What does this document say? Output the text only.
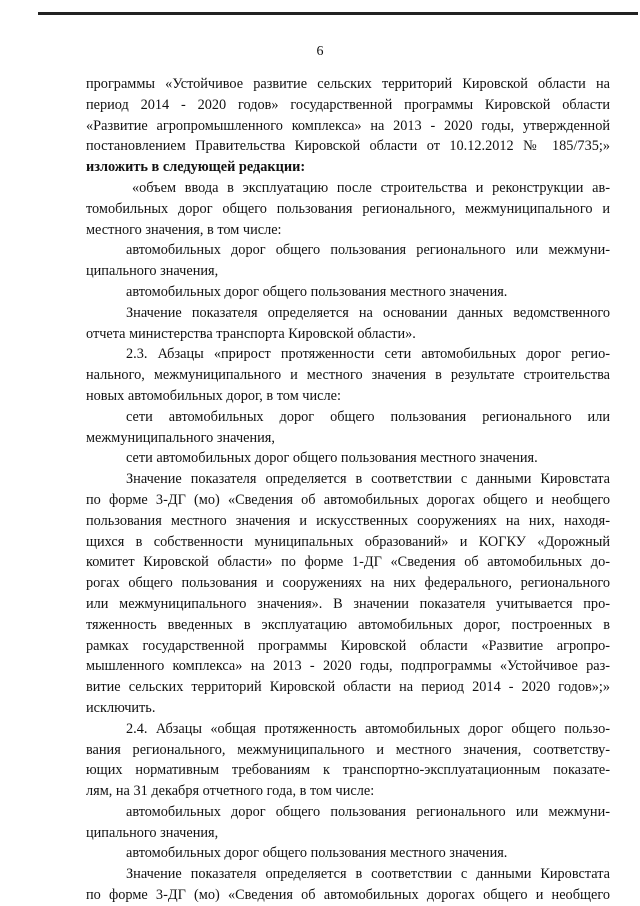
6
программы «Устойчивое развитие сельских территорий Кировской области на
период 2014 - 2020 годов» государственной программы Кировской области
«Развитие агропромышленного комплекса» на 2013 - 2020 годы, утвержденной
постановлением Правительства Кировской области от 10.12.2012 № 185/735;»
изложить в следующей редакции:
«объем ввода в эксплуатацию после строительства и реконструкции ав-
томобильных дорог общего пользования регионального, межмуниципального и
местного значения, в том числе:
автомобильных дорог общего пользования регионального или межмуни-
ципального значения,
автомобильных дорог общего пользования местного значения.
Значение показателя определяется на основании данных ведомственного
отчета министерства транспорта Кировской области».
2.3. Абзацы «прирост протяженности сети автомобильных дорог регио-
нального, межмуниципального и местного значения в результате строительства
новых автомобильных дорог, в том числе:
сети автомобильных дорог общего пользования регионального или
межмуниципального значения,
сети автомобильных дорог общего пользования местного значения.
Значение показателя определяется в соответствии с данными Кировстата
по форме 3-ДГ (мо) «Сведения об автомобильных дорогах общего и необщего
пользования местного значения и искусственных сооружениях на них, находя-
щихся в собственности муниципальных образований» и КОГКУ «Дорожный
комитет Кировской области» по форме 1-ДГ «Сведения об автомобильных до-
рогах общего пользования и сооружениях на них федерального, регионального
или межмуниципального значения». В значении показателя учитывается про-
тяженность введенных в эксплуатацию автомобильных дорог, построенных в
рамках государственной программы Кировской области «Развитие агропро-
мышленного комплекса» на 2013 - 2020 годы, подпрограммы «Устойчивое раз-
витие сельских территорий Кировской области на период 2014 - 2020 годов»;»
исключить.
2.4. Абзацы «общая протяженность автомобильных дорог общего пользо-
вания регионального, межмуниципального и местного значения, соответству-
ющих нормативным требованиям к транспортно-эксплуатационным показате-
лям, на 31 декабря отчетного года, в том числе:
автомобильных дорог общего пользования регионального или межмуни-
ципального значения,
автомобильных дорог общего пользования местного значения.
Значение показателя определяется в соответствии с данными Кировстата
по форме 3-ДГ (мо) «Сведения об автомобильных дорогах общего и необщего
